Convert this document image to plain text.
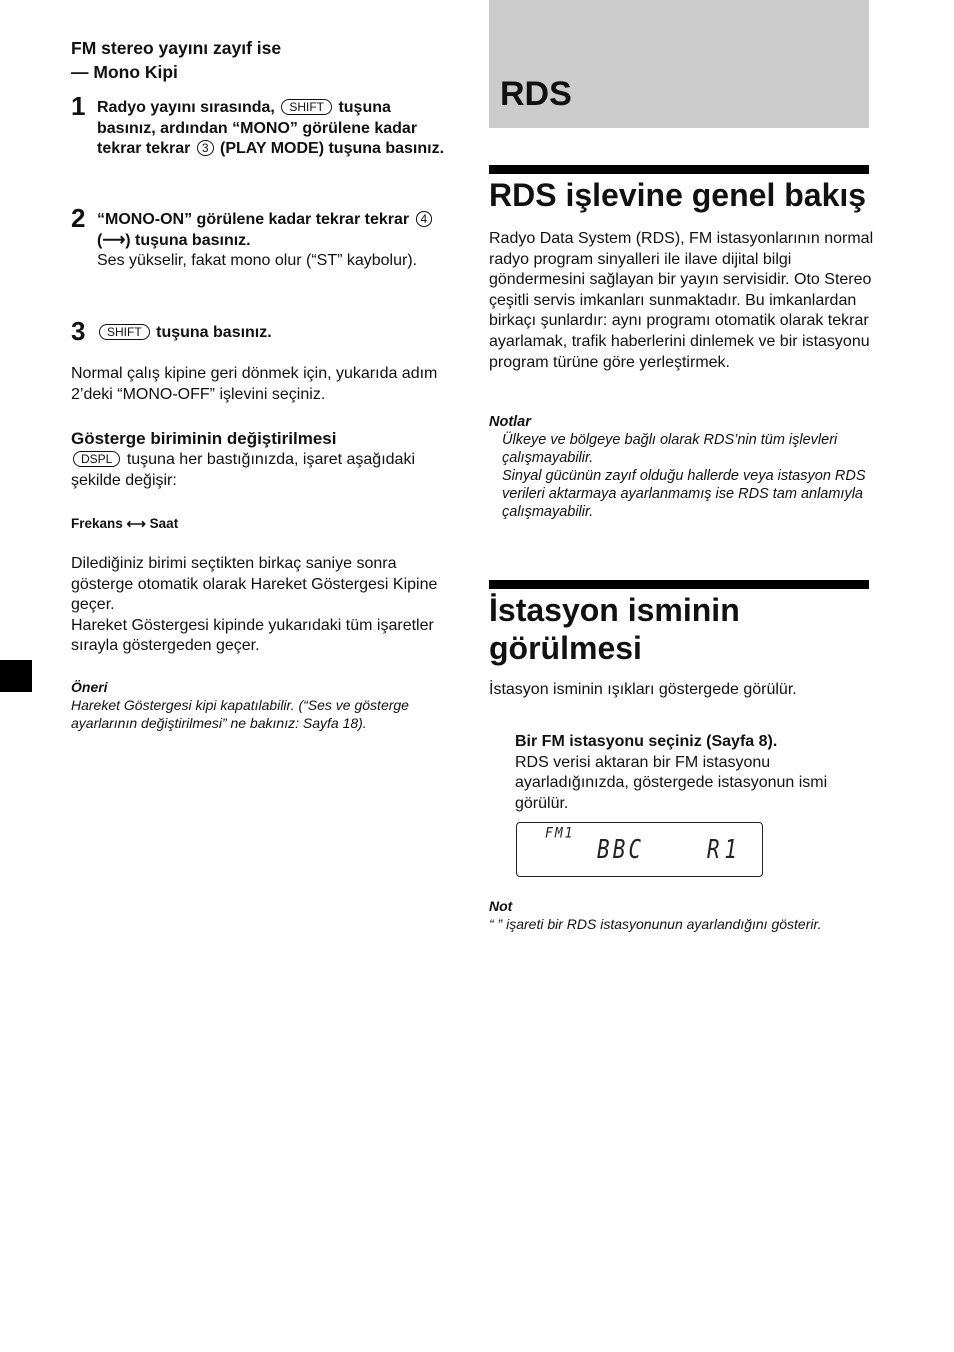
FM stereo yayını zayıf ise
— Mono Kipi
1 Radyo yayını sırasında, SHIFT tuşuna basınız, ardından “MONO” görülene kadar tekrar tekrar 3 (PLAY MODE) tuşuna basınız.
2 “MONO-ON” görülene kadar tekrar tekrar 4 (⟶) tuşuna basınız.
Ses yükselir, fakat mono olur (“ST” kaybolur).
3	SHIFT tuşuna basınız.
Normal çalış kipine geri dönmek için, yukarıda adım 2’deki “MONO-OFF” işlevini seçiniz.
Gösterge biriminin değiştirilmesi
DSPL tuşuna her bastığınızda, işaret aşağıdaki şekilde değişir:
Frekans ⟷ Saat
Dilediğiniz birimi seçtikten birkaç saniye sonra gösterge otomatik olarak Hareket Göstergesi Kipine geçer.
Hareket Göstergesi kipinde yukarıdaki tüm işaretler sırayla göstergeden geçer.
Öneri
Hareket Göstergesi kipi kapatılabilir. (“Ses ve gösterge ayarlarının değiştirilmesi” ne bakınız: Sayfa 18).
RDS
RDS işlevine genel bakış
Radyo Data System (RDS), FM istasyonlarının normal radyo program sinyalleri ile ilave dijital bilgi göndermesini sağlayan bir yayın servisidir. Oto Stereo çeşitli servis imkanları sunmaktadır. Bu imkanlardan birkaçı şunlardır: aynı programı otomatik olarak tekrar ayarlamak, trafik haberlerini dinlemek ve bir istasyonu program türüne göre yerleştirmek.
Notlar
Ülkeye ve bölgeye bağlı olarak RDS’nin tüm işlevleri çalışmayabilir.
Sinyal gücünün zayıf olduğu hallerde veya istasyon RDS verileri aktarmaya ayarlanmamış ise RDS tam anlamıyla çalışmayabilir.
İstasyon isminin görülmesi
İstasyon isminin ışıkları göstergede görülür.
Bir FM istasyonu seçiniz (Sayfa 8).
RDS verisi aktaran bir FM istasyonu ayarladığınızda, göstergede istasyonun ismi görülür.
FM1
BBC R1
Not
“ ” işareti bir RDS istasyonunun ayarlandığını gösterir.
